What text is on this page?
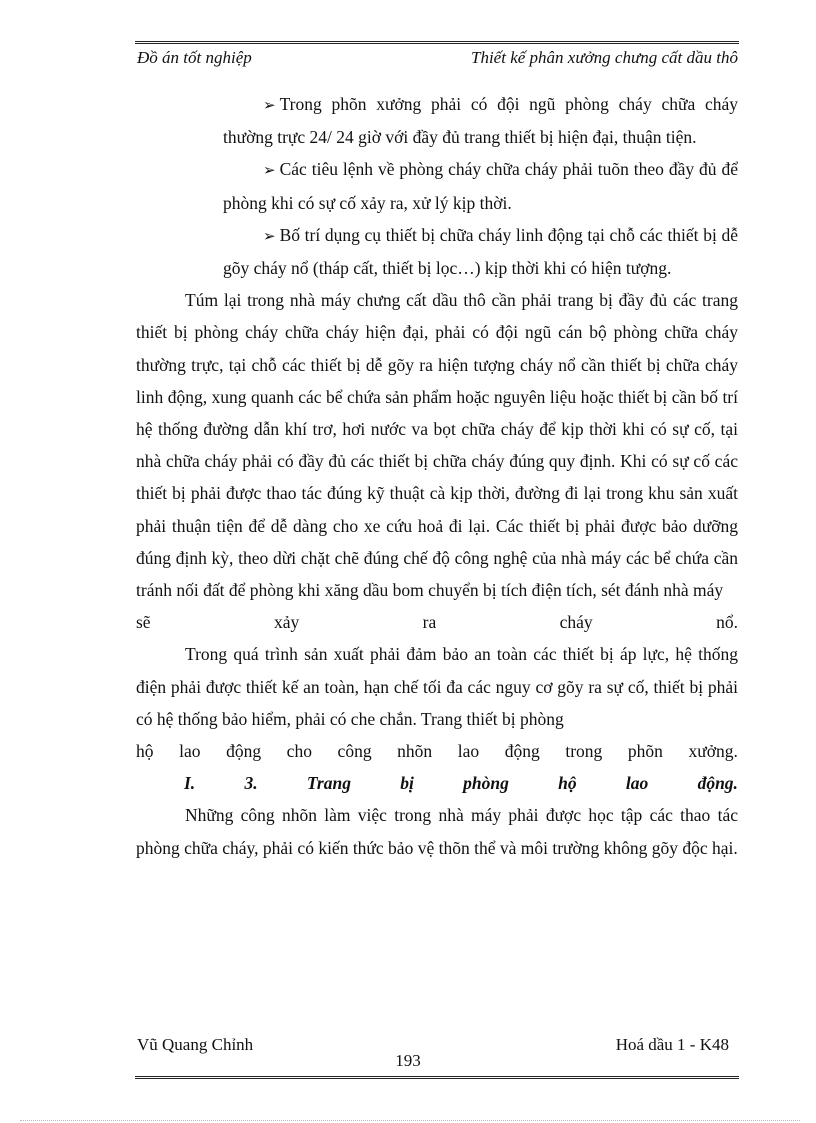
Đồ án tốt nghiệp	Thiết kế phân xưởng chưng cất dầu thô

➢ Trong phõn xưởng phải có đội ngũ phòng cháy chữa cháy thường trực 24/ 24 giờ với đầy đủ trang thiết bị hiện đại, thuận tiện.

➢ Các tiêu lệnh về phòng cháy chữa cháy phải tuõn theo đầy đủ để phòng khi có sự cố xảy ra, xử lý kịp thời.

➢ Bố trí dụng cụ thiết bị chữa cháy linh động tại chỗ các thiết bị dễ gõy cháy nổ (tháp cất, thiết bị lọc…) kịp thời khi có hiện tượng.

Túm lại trong nhà máy chưng cất dầu thô cần phải trang bị đầy đủ các trang thiết bị phòng cháy chữa cháy hiện đại, phải có đội ngũ cán bộ phòng chữa cháy thường trực, tại chỗ các thiết bị dễ gõy ra hiện tượng cháy nổ cần thiết bị chữa cháy linh động, xung quanh các bể chứa sản phẩm hoặc nguyên liệu hoặc thiết bị cần bố trí hệ thống đường dẫn khí trơ, hơi nước va bọt chữa cháy để kịp thời khi có sự cố, tại nhà chữa cháy phải có đầy đủ các thiết bị chữa cháy đúng quy định. Khi có sự cố các thiết bị phải được thao tác đúng kỹ thuật cà kịp thời, đường đi lại trong khu sản xuất phải thuận tiện để dễ dàng cho xe cứu hoả đi lại. Các thiết bị phải được bảo dưỡng đúng định kỳ, theo dừi chặt chẽ đúng chế độ công nghệ của nhà máy các bể chứa cần tránh nối đất để phòng khi xăng dầu bom chuyển bị tích điện tích, sét đánh nhà máy

sẽ	xảy	ra	cháy	nổ.

Trong quá trình sản xuất phải đảm bảo an toàn các thiết bị áp lực, hệ thống điện phải được thiết kế an toàn, hạn chế tối đa các nguy cơ gõy ra sự cố, thiết bị phải có hệ thống bảo hiểm, phải có che chắn. Trang thiết bị phòng

hộ lao động cho công nhõn lao động trong phõn xưởng.
I.	3.	Trang	bị	phòng	hộ	lao	động.

Những công nhõn làm việc trong nhà máy phải được học tập các thao tác phòng chữa cháy, phải có kiến thức bảo vệ thõn thể và môi trường không gõy độc hại.

Vũ Quang Chỉnh	Hoá dầu 1 - K48
193
